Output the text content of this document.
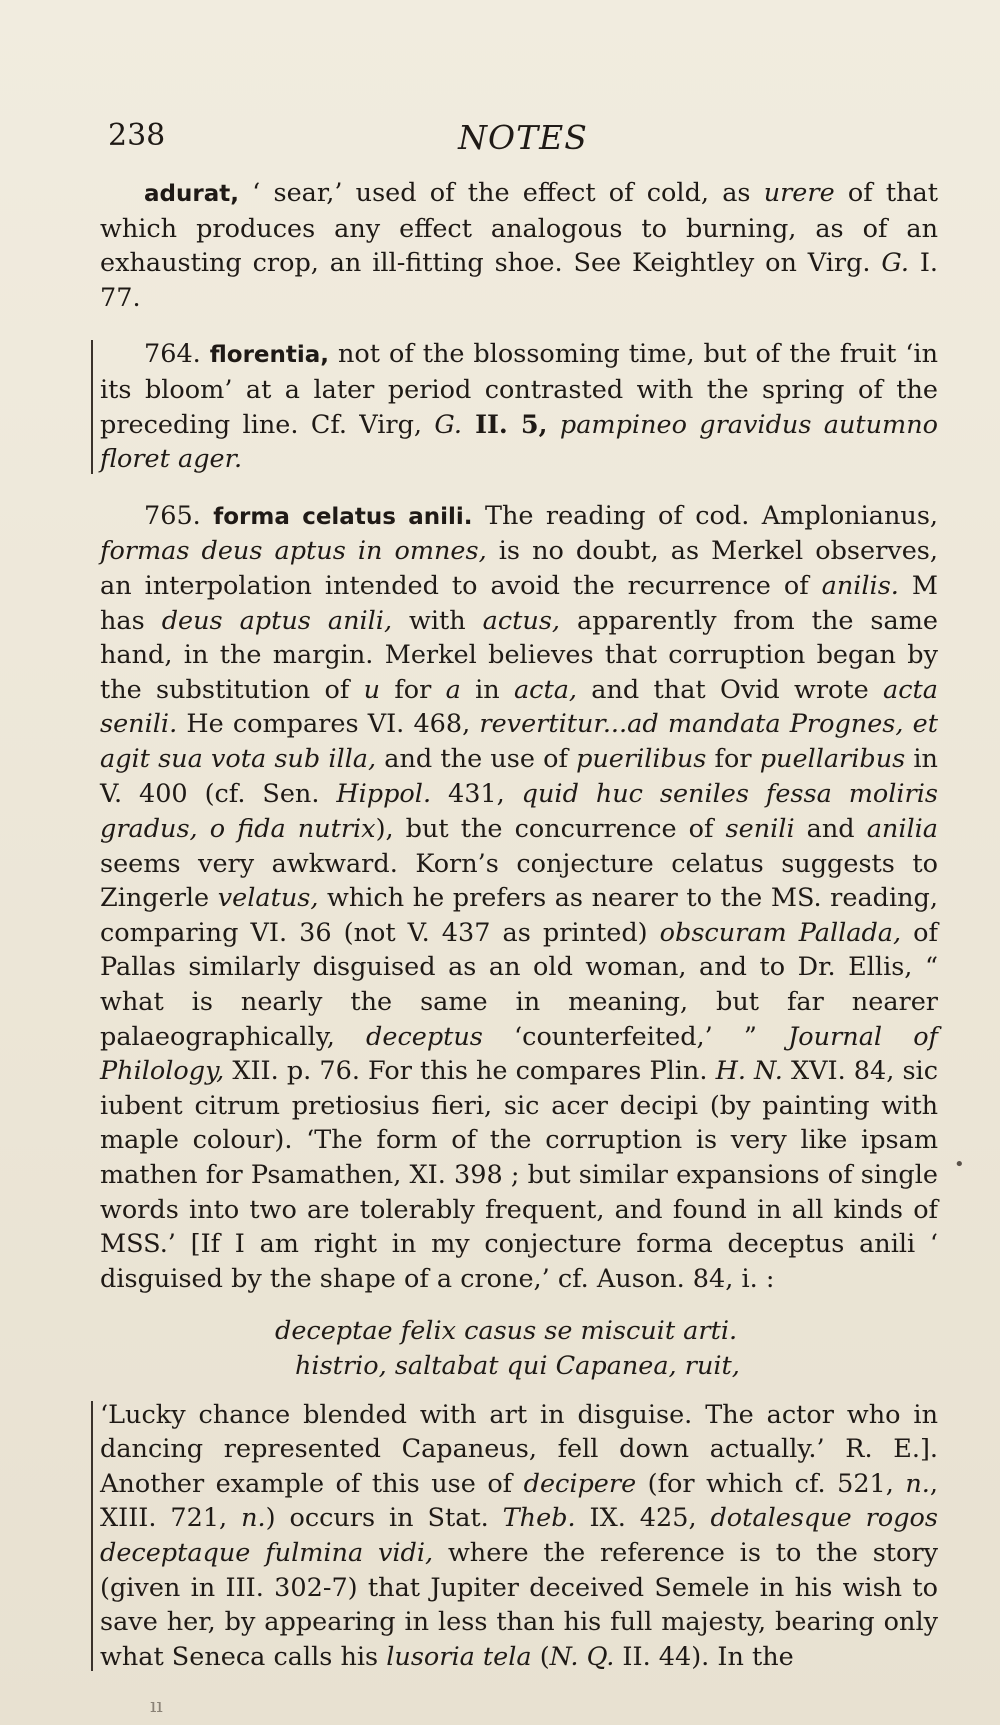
238	NOTES

adurat, ‘ sear,’ used of the effect of cold, as urere of that which produces any effect analogous to burning, as of an exhausting crop, an ill-fitting shoe. See Keightley on Virg. G. I. 77.

764. florentia, not of the blossoming time, but of the fruit ‘in its bloom’ at a later period contrasted with the spring of the preceding line. Cf. Virg, G. II. 5, pampineo gravidus autumno floret ager.

765. forma celatus anili. The reading of cod. Amplonianus, formas deus aptus in omnes, is no doubt, as Merkel observes, an interpolation intended to avoid the recurrence of anilis. M has deus aptus anili, with actus, apparently from the same hand, in the margin. Merkel believes that corruption began by the substitution of u for a in acta, and that Ovid wrote acta senili. He compares VI. 468, revertitur...ad mandata Prognes, et agit sua vota sub illa, and the use of puerilibus for puellaribus in V. 400 (cf. Sen. Hippol. 431, quid huc seniles fessa moliris gradus, o fida nutrix), but the concurrence of senili and anilia seems very awkward. Korn’s conjecture celatus suggests to Zingerle velatus, which he prefers as nearer to the MS. reading, comparing VI. 36 (not V. 437 as printed) obscuram Pallada, of Pallas similarly disguised as an old woman, and to Dr. Ellis, “ what is nearly the same in meaning, but far nearer palaeographically, deceptus ‘counterfeited,’ ” Journal of Philology, XII. p. 76. For this he compares Plin. H. N. XVI. 84, sic iubent citrum pretiosius fieri, sic acer decipi (by painting with maple colour). ‘The form of the corruption is very like ipsam mathen for Psamathen, XI. 398 ; but similar expansions of single words into two are tolerably frequent, and found in all kinds of MSS.’ [If I am right in my conjecture forma deceptus anili ‘ disguised by the shape of a crone,’ cf. Auson. 84, i. :

deceptae felix casus se miscuit arti.
histrio, saltabat qui Capanea, ruit,

‘Lucky chance blended with art in disguise. The actor who in dancing represented Capaneus, fell down actually.’ R. E.]. Another example of this use of decipere (for which cf. 521, n., XIII. 721, n.) occurs in Stat. Theb. IX. 425, dotalesque rogos deceptaque fulmina vidi, where the reference is to the story (given in III. 302-7) that Jupiter deceived Semele in his wish to save her, by appearing in less than his full majesty, bearing only what Seneca calls his lusoria tela (N. Q. II. 44). In the

•
ıı
